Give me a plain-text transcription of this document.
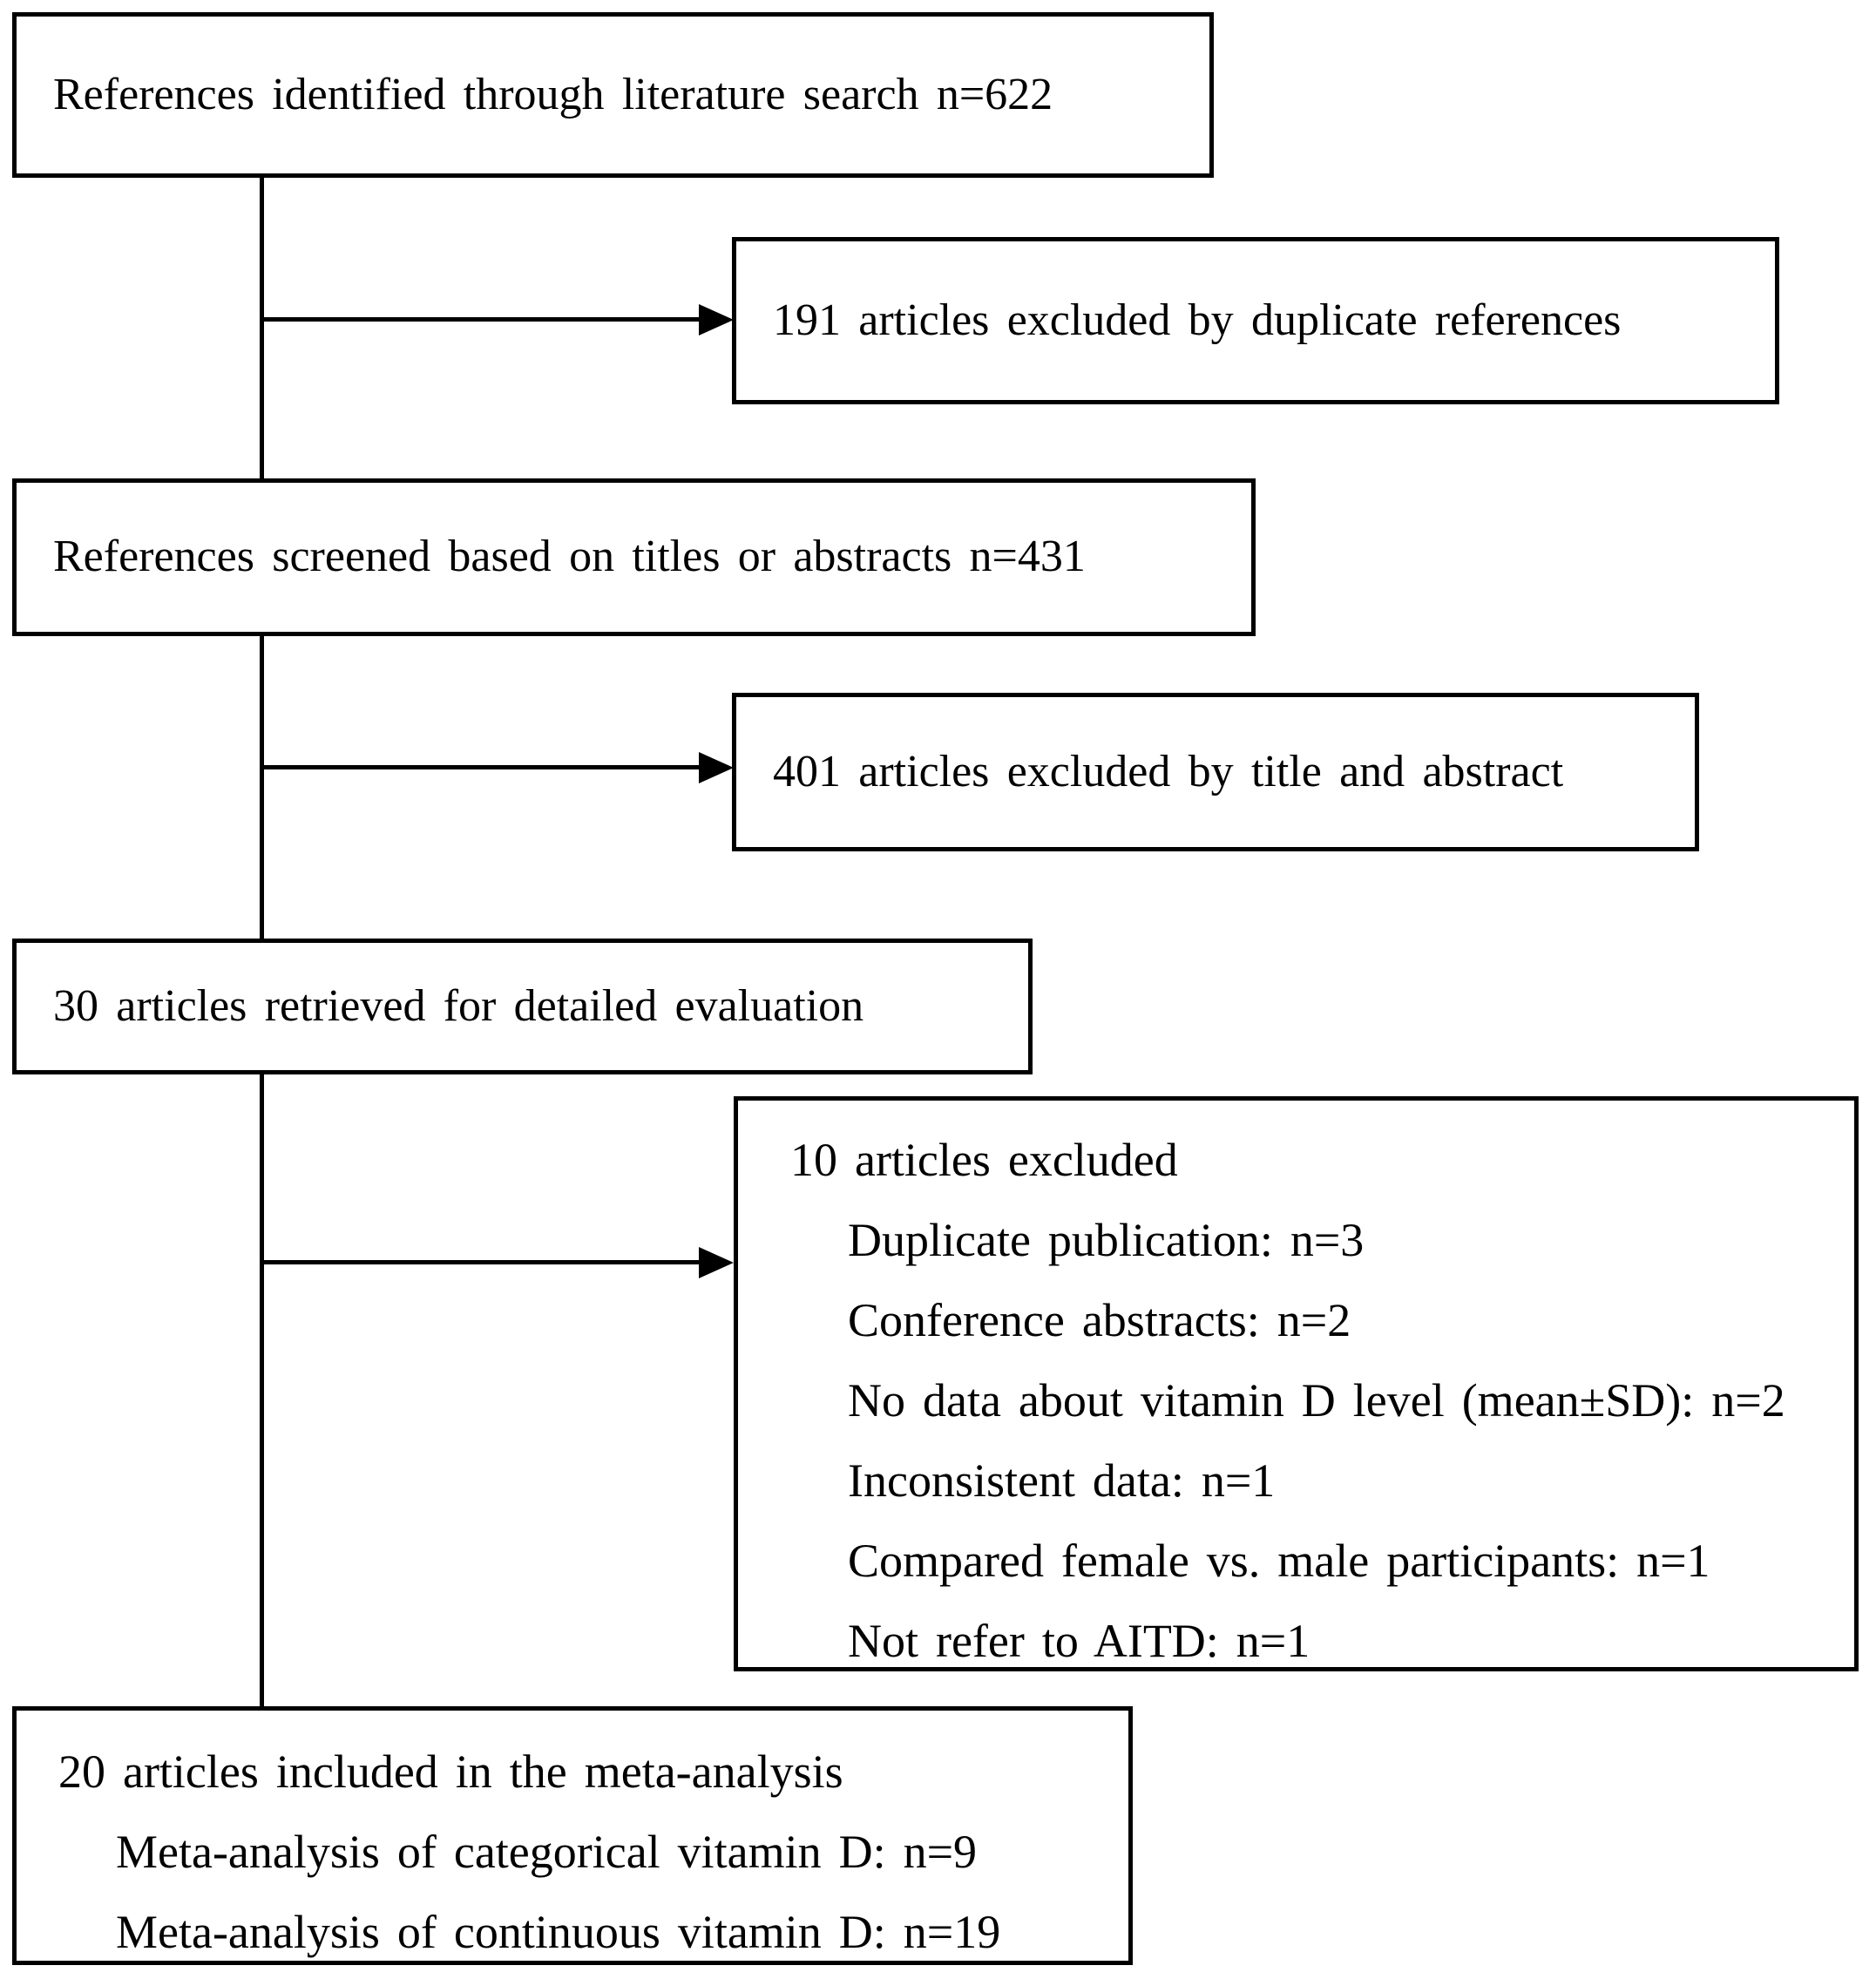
References identified through literature search n=622
References screened based on titles or abstracts n=431
30 articles retrieved for detailed evaluation
191 articles excluded by duplicate references
401 articles excluded by title and abstract
10 articles excluded
Duplicate publication: n=3
Conference abstracts: n=2
No data about vitamin D level (mean±SD): n=2
Inconsistent data: n=1
Compared female vs. male participants: n=1
Not refer to AITD: n=1
20 articles included in the meta-analysis
Meta-analysis of categorical vitamin D: n=9
Meta-analysis of continuous vitamin D: n=19
